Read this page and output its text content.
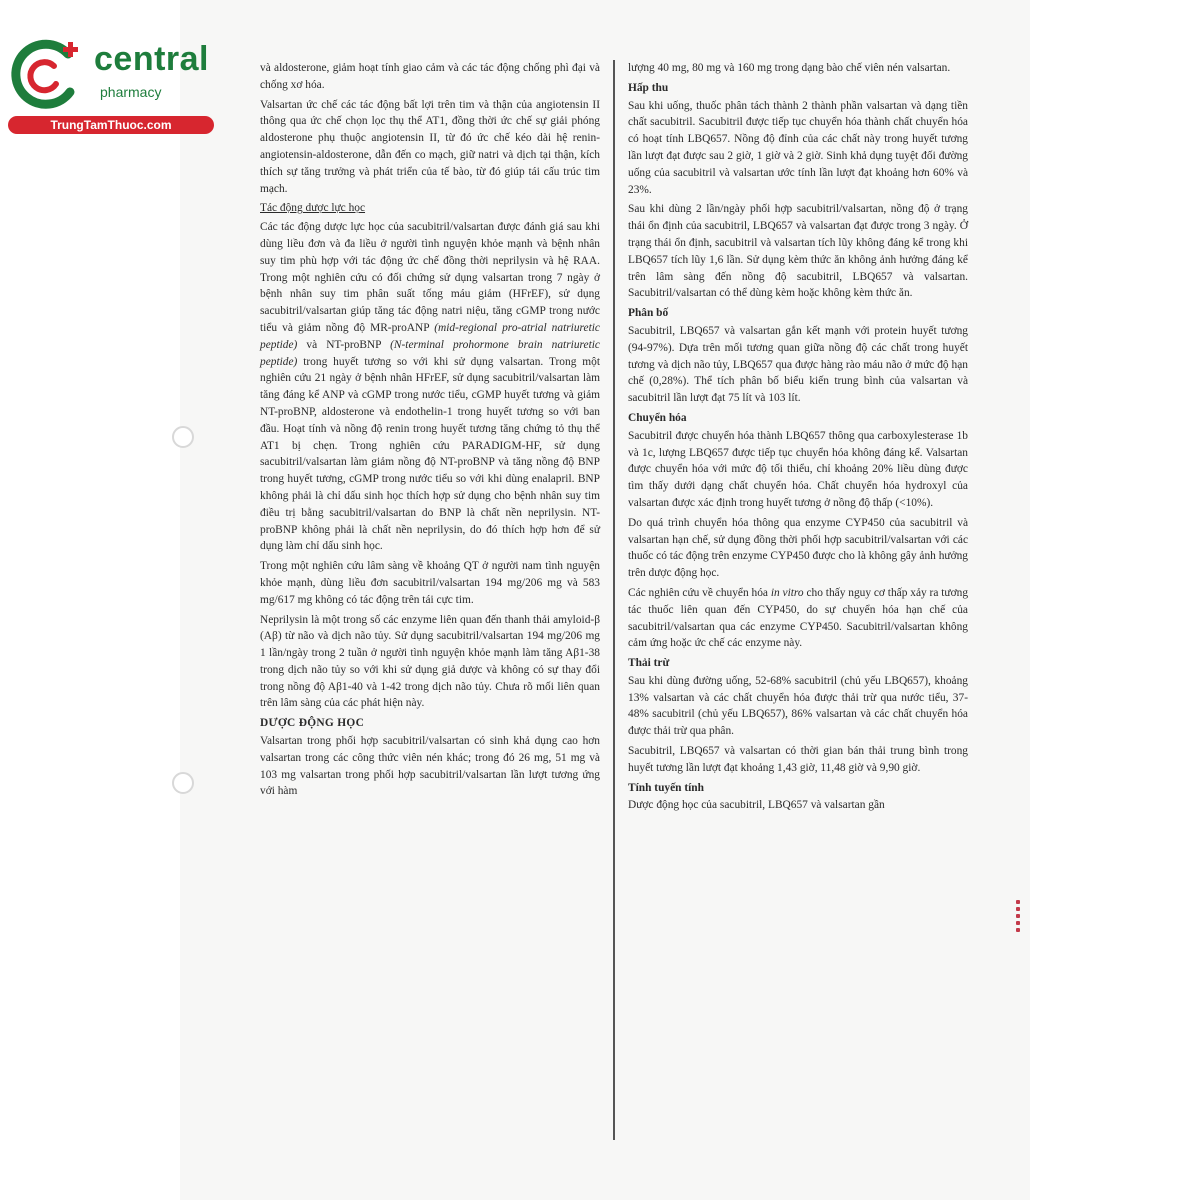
central
pharmacy
TrungTamThuoc.com

và aldosterone, giảm hoạt tính giao cảm và các tác động chống phì đại và chống xơ hóa.

Valsartan ức chế các tác động bất lợi trên tim và thận của angiotensin II thông qua ức chế chọn lọc thụ thể AT1, đồng thời ức chế sự giải phóng aldosterone phụ thuộc angiotensin II, từ đó ức chế kéo dài hệ renin-angiotensin-aldosterone, dẫn đến co mạch, giữ natri và dịch tại thận, kích thích sự tăng trưởng và phát triển của tế bào, từ đó giúp tái cấu trúc tim mạch.

Tác động dược lực học

Các tác động dược lực học của sacubitril/valsartan được đánh giá sau khi dùng liều đơn và đa liều ở người tình nguyện khỏe mạnh và bệnh nhân suy tim phù hợp với tác động ức chế đồng thời neprilysin và hệ RAA. Trong một nghiên cứu có đối chứng sử dụng valsartan trong 7 ngày ở bệnh nhân suy tim phân suất tống máu giảm (HFrEF), sử dụng sacubitril/valsartan giúp tăng tác động natri niệu, tăng cGMP trong nước tiểu và giảm nồng độ MR-proANP (mid-regional pro-atrial natriuretic peptide) và NT-proBNP (N-terminal prohormone brain natriuretic peptide) trong huyết tương so với khi sử dụng valsartan. Trong một nghiên cứu 21 ngày ở bệnh nhân HFrEF, sử dụng sacubitril/valsartan làm tăng đáng kể ANP và cGMP trong nước tiểu, cGMP huyết tương và giảm NT-proBNP, aldosterone và endothelin-1 trong huyết tương so với ban đầu. Hoạt tính và nồng độ renin trong huyết tương tăng chứng tỏ thụ thể AT1 bị chẹn. Trong nghiên cứu PARADIGM-HF, sử dụng sacubitril/valsartan làm giảm nồng độ NT-proBNP và tăng nồng độ BNP trong huyết tương, cGMP trong nước tiểu so với khi dùng enalapril. BNP không phải là chỉ dấu sinh học thích hợp sử dụng cho bệnh nhân suy tim điều trị bằng sacubitril/valsartan do BNP là chất nền neprilysin. NT-proBNP không phải là chất nền neprilysin, do đó thích hợp hơn để sử dụng làm chỉ dấu sinh học.

Trong một nghiên cứu lâm sàng về khoảng QT ở người nam tình nguyện khỏe mạnh, dùng liều đơn sacubitril/valsartan 194 mg/206 mg và 583 mg/617 mg không có tác động trên tái cực tim.

Neprilysin là một trong số các enzyme liên quan đến thanh thải amyloid-β (Aβ) từ não và dịch não tủy. Sử dụng sacubitril/valsartan 194 mg/206 mg 1 lần/ngày trong 2 tuần ở người tình nguyện khỏe mạnh làm tăng Aβ1-38 trong dịch não tủy so với khi sử dụng giả dược và không có sự thay đổi trong nồng độ Aβ1-40 và 1-42 trong dịch não tủy. Chưa rõ mối liên quan trên lâm sàng của các phát hiện này.

DƯỢC ĐỘNG HỌC

Valsartan trong phối hợp sacubitril/valsartan có sinh khả dụng cao hơn valsartan trong các công thức viên nén khác; trong đó 26 mg, 51 mg và 103 mg valsartan trong phối hợp sacubitril/valsartan lần lượt tương ứng với hàm

lượng 40 mg, 80 mg và 160 mg trong dạng bào chế viên nén valsartan.

Hấp thu

Sau khi uống, thuốc phân tách thành 2 thành phần valsartan và dạng tiền chất sacubitril. Sacubitril được tiếp tục chuyển hóa thành chất chuyển hóa có hoạt tính LBQ657. Nồng độ đỉnh của các chất này trong huyết tương lần lượt đạt được sau 2 giờ, 1 giờ và 2 giờ. Sinh khả dụng tuyệt đối đường uống của sacubitril và valsartan ước tính lần lượt đạt khoảng hơn 60% và 23%.

Sau khi dùng 2 lần/ngày phối hợp sacubitril/valsartan, nồng độ ở trạng thái ổn định của sacubitril, LBQ657 và valsartan đạt được trong 3 ngày. Ở trạng thái ổn định, sacubitril và valsartan tích lũy không đáng kể trong khi LBQ657 tích lũy 1,6 lần. Sử dụng kèm thức ăn không ảnh hưởng đáng kể trên lâm sàng đến nồng độ sacubitril, LBQ657 và valsartan. Sacubitril/valsartan có thể dùng kèm hoặc không kèm thức ăn.

Phân bố

Sacubitril, LBQ657 và valsartan gắn kết mạnh với protein huyết tương (94-97%). Dựa trên mối tương quan giữa nồng độ các chất trong huyết tương và dịch não tủy, LBQ657 qua được hàng rào máu não ở mức độ hạn chế (0,28%). Thể tích phân bố biểu kiến trung bình của valsartan và sacubitril lần lượt đạt 75 lít và 103 lít.

Chuyển hóa

Sacubitril được chuyển hóa thành LBQ657 thông qua carboxylesterase 1b và 1c, lượng LBQ657 được tiếp tục chuyển hóa không đáng kể. Valsartan được chuyển hóa với mức độ tối thiểu, chỉ khoảng 20% liều dùng được tìm thấy dưới dạng chất chuyển hóa. Chất chuyển hóa hydroxyl của valsartan được xác định trong huyết tương ở nồng độ thấp (<10%).

Do quá trình chuyển hóa thông qua enzyme CYP450 của sacubitril và valsartan hạn chế, sử dụng đồng thời phối hợp sacubitril/valsartan với các thuốc có tác động trên enzyme CYP450 được cho là không gây ảnh hưởng trên dược động học.

Các nghiên cứu về chuyển hóa in vitro cho thấy nguy cơ thấp xảy ra tương tác thuốc liên quan đến CYP450, do sự chuyển hóa hạn chế của sacubitril/valsartan qua các enzyme CYP450. Sacubitril/valsartan không cảm ứng hoặc ức chế các enzyme này.

Thải trừ

Sau khi dùng đường uống, 52-68% sacubitril (chủ yếu LBQ657), khoảng 13% valsartan và các chất chuyển hóa được thải trừ qua nước tiểu, 37-48% sacubitril (chủ yếu LBQ657), 86% valsartan và các chất chuyển hóa được thải trừ qua phân.

Sacubitril, LBQ657 và valsartan có thời gian bán thải trung bình trong huyết tương lần lượt đạt khoảng 1,43 giờ, 11,48 giờ và 9,90 giờ.

Tính tuyến tính

Dược động học của sacubitril, LBQ657 và valsartan gần
